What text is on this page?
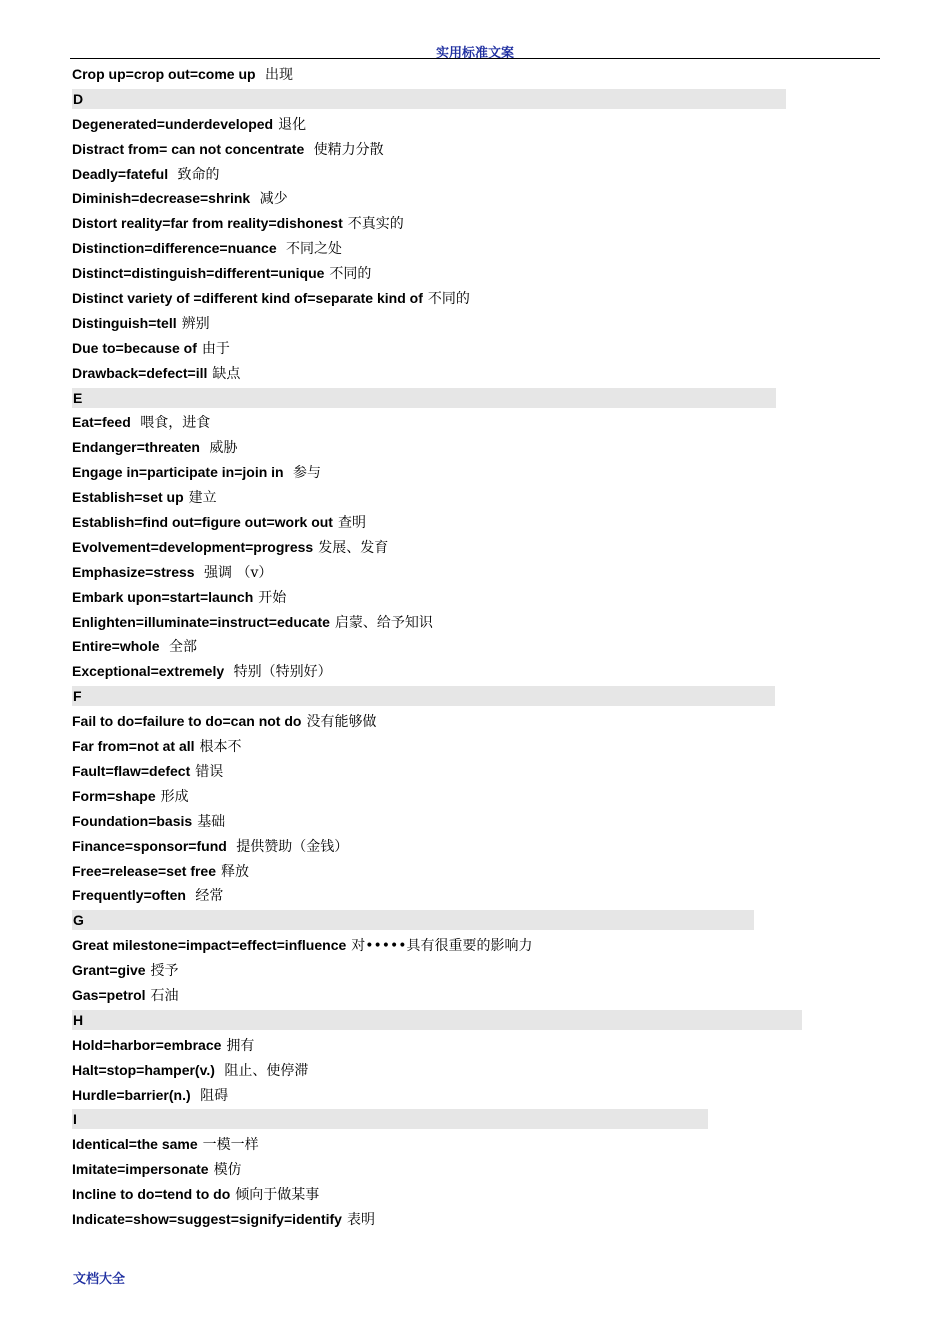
实用标准文案
Crop up=crop out=come up 出现
D
Degenerated=underdeveloped 退化
Distract from= can not concentrate 使精力分散
Deadly=fateful 致命的
Diminish=decrease=shrink 减少
Distort reality=far from reality=dishonest 不真实的
Distinction=difference=nuance 不同之处
Distinct=distinguish=different=unique 不同的
Distinct variety of =different kind of=separate kind of 不同的
Distinguish=tell 辨别
Due to=because of 由于
Drawback=defect=ill 缺点
E
Eat=feed 喂食，进食
Endanger=threaten 威胁
Engage in=participate in=join in 参与
Establish=set up 建立
Establish=find out=figure out=work out 查明
Evolvement=development=progress 发展、发育
Emphasize=stress 强调 （v）
Embark upon=start=launch 开始
Enlighten=illuminate=instruct=educate 启蒙、给予知识
Entire=whole 全部
Exceptional=extremely 特别（特别好）
F
Fail to do=failure to do=can not do 没有能够做
Far from=not at all 根本不
Fault=flaw=defect 错误
Form=shape 形成
Foundation=basis 基础
Finance=sponsor=fund 提供赞助（金钱）
Free=release=set free 释放
Frequently=often 经常
G
Great milestone=impact=effect=influence 对•••••具有很重要的影响力
Grant=give 授予
Gas=petrol 石油
H
Hold=harbor=embrace 拥有
Halt=stop=hamper(v.) 阻止、使停滞
Hurdle=barrier(n.) 阻碍
I
Identical=the same 一模一样
Imitate=impersonate 模仿
Incline to do=tend to do 倾向于做某事
Indicate=show=suggest=signify=identify 表明
文档大全
